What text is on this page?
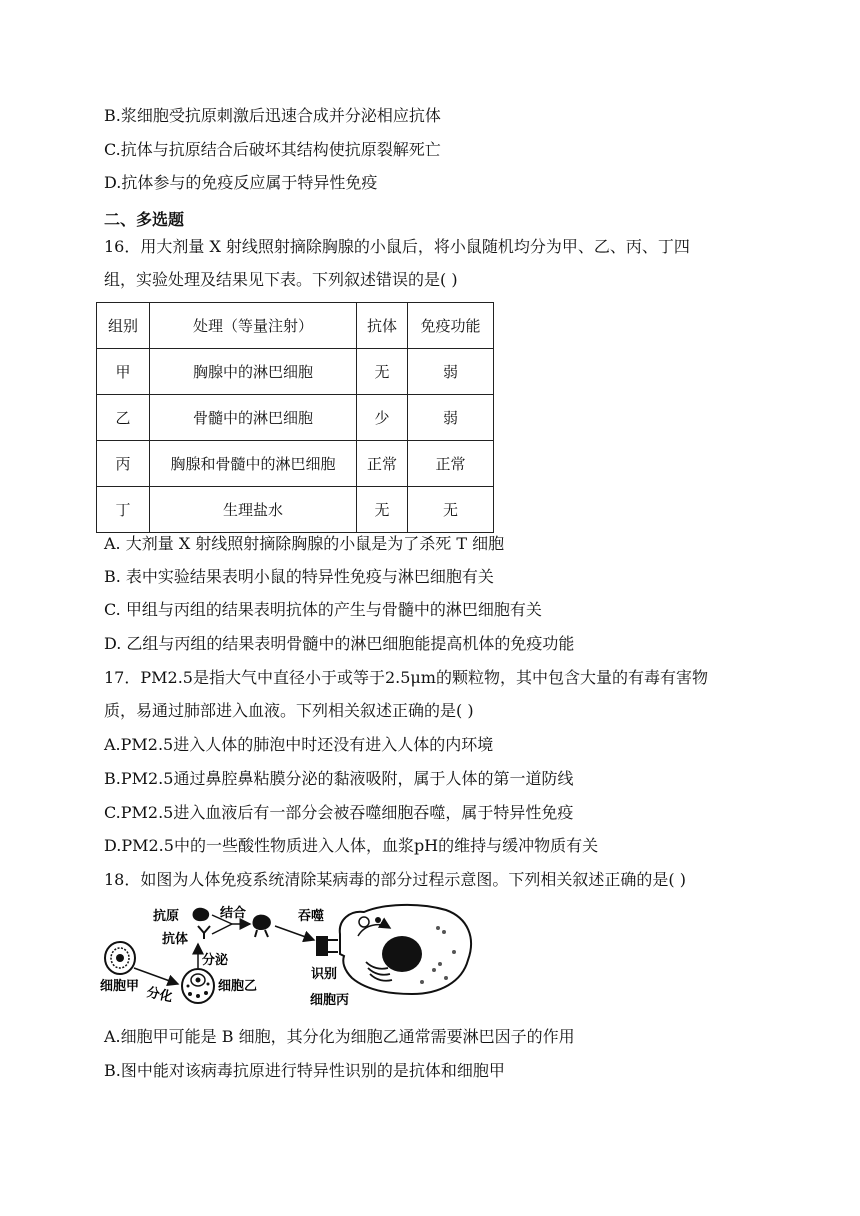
B.浆细胞受抗原刺激后迅速合成并分泌相应抗体
C.抗体与抗原结合后破坏其结构使抗原裂解死亡
D.抗体参与的免疫反应属于特异性免疫
二、多选题
16．用大剂量 X 射线照射摘除胸腺的小鼠后，将小鼠随机均分为甲、乙、丙、丁四
组，实验处理及结果见下表。下列叙述错误的是( )
组别	处理（等量注射）	抗体	免疫功能
甲	胸腺中的淋巴细胞	无	弱
乙	骨髓中的淋巴细胞	少	弱
丙	胸腺和骨髓中的淋巴细胞	正常	正常
丁	生理盐水	无	无
A. 大剂量 X 射线照射摘除胸腺的小鼠是为了杀死 T 细胞
B. 表中实验结果表明小鼠的特异性免疫与淋巴细胞有关
C. 甲组与丙组的结果表明抗体的产生与骨髓中的淋巴细胞有关
D. 乙组与丙组的结果表明骨髓中的淋巴细胞能提高机体的免疫功能
17．PM2.5是指大气中直径小于或等于2.5μm的颗粒物，其中包含大量的有毒有害物
质，易通过肺部进入血液。下列相关叙述正确的是( )
A.PM2.5进入人体的肺泡中时还没有进入人体的内环境
B.PM2.5通过鼻腔鼻粘膜分泌的黏液吸附，属于人体的第一道防线
C.PM2.5进入血液后有一部分会被吞噬细胞吞噬，属于特异性免疫
D.PM2.5中的一些酸性物质进入人体，血浆pH的维持与缓冲物质有关
18．如图为人体免疫系统清除某病毒的部分过程示意图。下列相关叙述正确的是( )
抗原	结合
抗体
吞噬
识别
细胞丙
细胞甲 分化	细胞乙
分泌
A.细胞甲可能是 B 细胞，其分化为细胞乙通常需要淋巴因子的作用
B.图中能对该病毒抗原进行特异性识别的是抗体和细胞甲
